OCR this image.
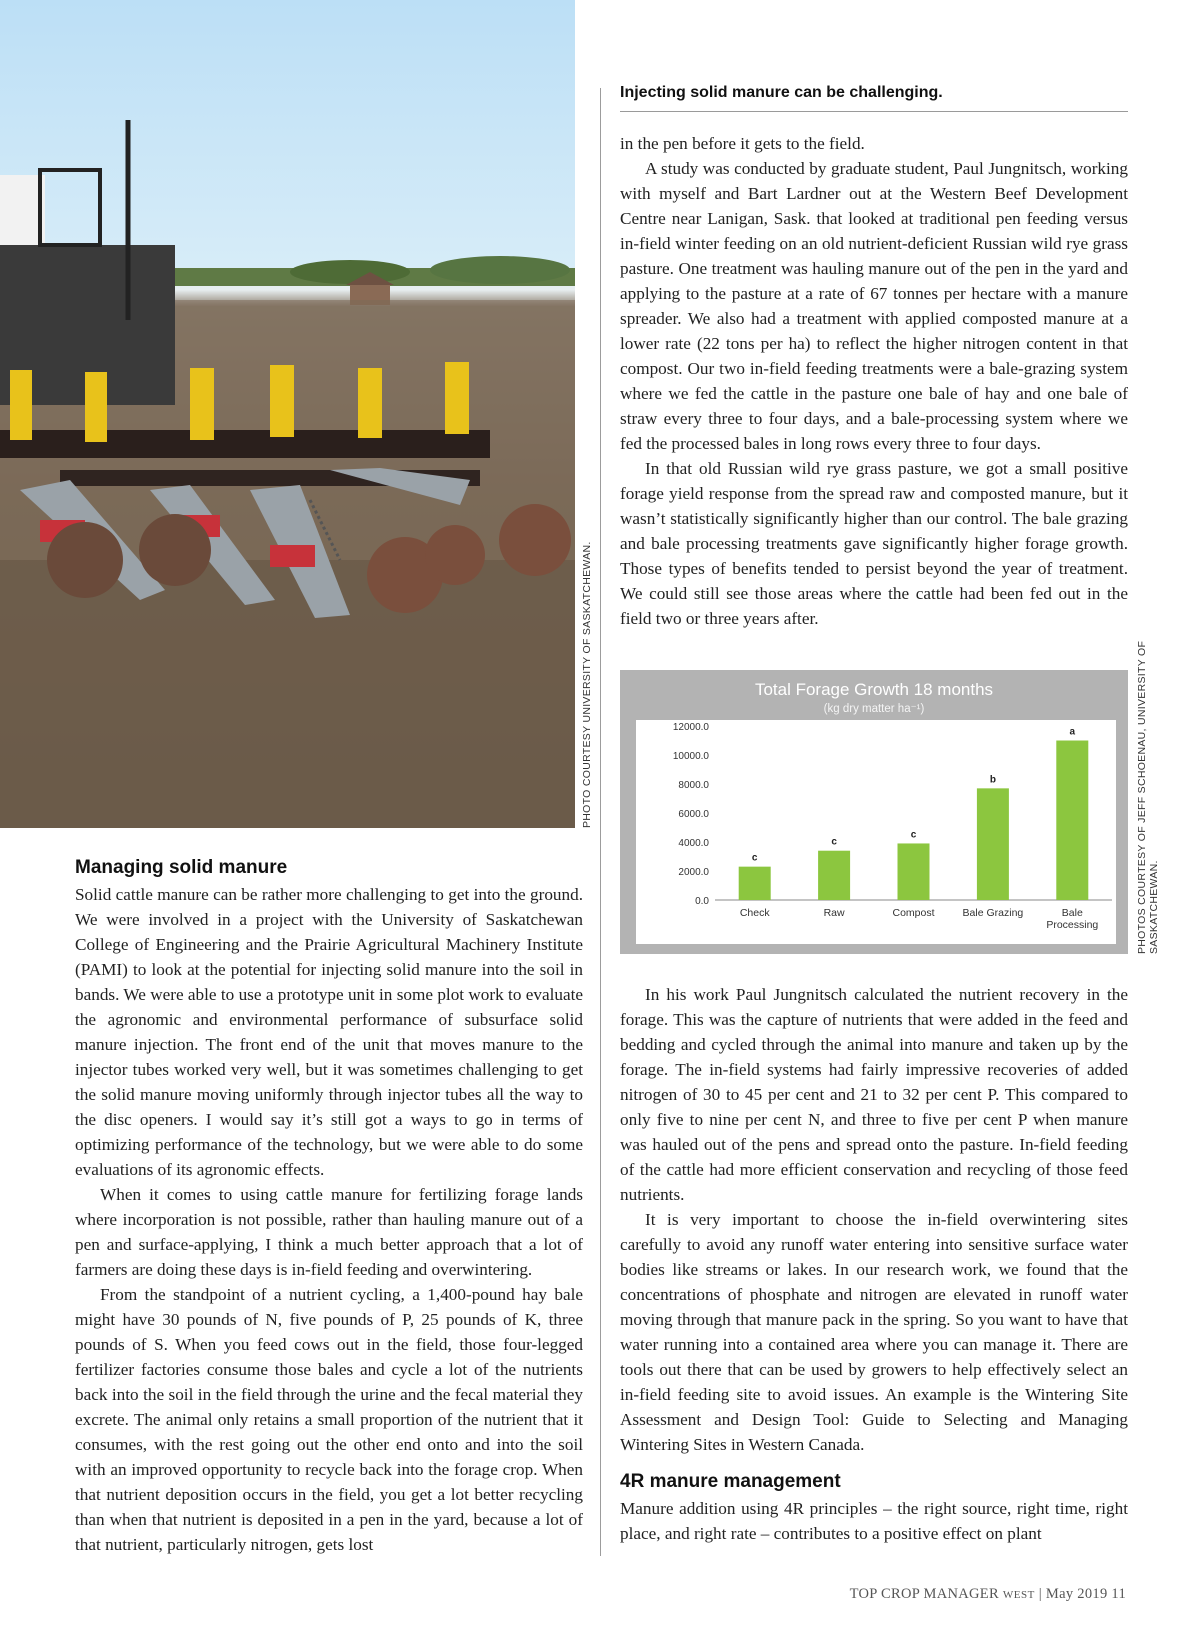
PHOTO COURTESY UNIVERSITY OF SASKATCHEWAN.
Injecting solid manure can be challenging.
Managing solid manure

Solid cattle manure can be rather more challenging to get into the ground. We were involved in a project with the University of Saskatchewan College of Engineering and the Prairie Agricultural Machinery Institute (PAMI) to look at the potential for injecting solid manure into the soil in bands. We were able to use a prototype unit in some plot work to evaluate the agronomic and environmental performance of subsurface solid manure injection. The front end of the unit that moves manure to the injector tubes worked very well, but it was sometimes challenging to get the solid manure moving uniformly through injector tubes all the way to the disc openers. I would say it’s still got a ways to go in terms of optimizing performance of the technology, but we were able to do some evaluations of its agronomic effects.

When it comes to using cattle manure for fertilizing forage lands where incorporation is not possible, rather than hauling manure out of a pen and surface-applying, I think a much better approach that a lot of farmers are doing these days is in-field feeding and overwintering.

From the standpoint of a nutrient cycling, a 1,400-pound hay bale might have 30 pounds of N, five pounds of P, 25 pounds of K, three pounds of S. When you feed cows out in the field, those four-legged fertilizer factories consume those bales and cycle a lot of the nutrients back into the soil in the field through the urine and the fecal material they excrete. The animal only retains a small proportion of the nutrient that it consumes, with the rest going out the other end onto and into the soil with an improved opportunity to recycle back into the forage crop. When that nutrient deposition occurs in the field, you get a lot better recycling than when that nutrient is deposited in a pen in the yard, because a lot of that nutrient, particularly nitrogen, gets lost

in the pen before it gets to the field.

A study was conducted by graduate student, Paul Jungnitsch, working with myself and Bart Lardner out at the Western Beef Development Centre near Lanigan, Sask. that looked at traditional pen feeding versus in-field winter feeding on an old nutrient-deficient Russian wild rye grass pasture. One treatment was hauling manure out of the pen in the yard and applying to the pasture at a rate of 67 tonnes per hectare with a manure spreader. We also had a treatment with applied composted manure at a lower rate (22 tons per ha) to reflect the higher nitrogen content in that compost. Our two in-field feeding treatments were a bale-grazing system where we fed the cattle in the pasture one bale of hay and one bale of straw every three to four days, and a bale-processing system where we fed the processed bales in long rows every three to four days.

In that old Russian wild rye grass pasture, we got a small positive forage yield response from the spread raw and composted manure, but it wasn’t statistically significantly higher than our control. The bale grazing and bale processing treatments gave significantly higher forage growth. Those types of benefits tended to persist beyond the year of treatment. We could still see those areas where the cattle had been fed out in the field two or three years after.

Total Forage Growth 18 months
(kg dry matter ha⁻¹)
0.0
2000.0
4000.0
6000.0
8000.0
10000.0
12000.0
c
Check
c
Raw
c
Compost
b
Bale Grazing
a
Bale
Processing	PHOTOS COURTESY OF JEFF SCHOENAU, UNIVERSITY OF SASKATCHEWAN.

In his work Paul Jungnitsch calculated the nutrient recovery in the forage. This was the capture of nutrients that were added in the feed and bedding and cycled through the animal into manure and taken up by the forage. The in-field systems had fairly impressive recoveries of added nitrogen of 30 to 45 per cent and 21 to 32 per cent P. This compared to only five to nine per cent N, and three to five per cent P when manure was hauled out of the pens and spread onto the pasture. In-field feeding of the cattle had more efficient conservation and recycling of those feed nutrients.

It is very important to choose the in-field overwintering sites carefully to avoid any runoff water entering into sensitive surface water bodies like streams or lakes. In our research work, we found that the concentrations of phosphate and nitrogen are elevated in runoff water moving through that manure pack in the spring. So you want to have that water running into a contained area where you can manage it. There are tools out there that can be used by growers to help effectively select an in-field feeding site to avoid issues. An example is the Wintering Site Assessment and Design Tool: Guide to Selecting and Managing Wintering Sites in Western Canada.

4R manure management

Manure addition using 4R principles – the right source, right time, right place, and right rate – contributes to a positive effect on plant

TOP CROP MANAGER WEST | May 2019 11
